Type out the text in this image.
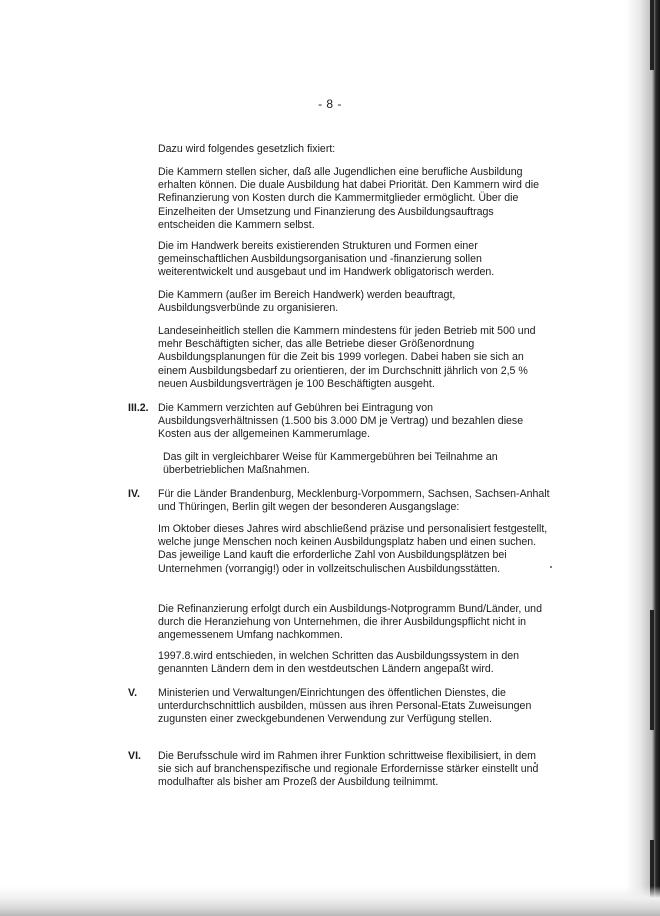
- 8 -

Dazu wird folgendes gesetzlich fixiert:

Die Kammern stellen sicher, daß alle Jugendlichen eine berufliche Ausbildung erhalten können. Die duale Ausbildung hat dabei Priorität. Den Kammern wird die Refinanzierung von Kosten durch die Kammermitglieder ermöglicht. Über die Einzelheiten der Umsetzung und Finanzierung des Ausbildungsauftrags entscheiden die Kammern selbst.

Die im Handwerk bereits existierenden Strukturen und Formen einer gemeinschaftlichen Ausbildungsorganisation und -finanzierung sollen weiterentwickelt und ausgebaut und im Handwerk obligatorisch werden.

Die Kammern (außer im Bereich Handwerk) werden beauftragt, Ausbildungsverbünde zu organisieren.

Landeseinheitlich stellen die Kammern mindestens für jeden Betrieb mit 500 und mehr Beschäftigten sicher, das alle Betriebe dieser Größenordnung Ausbildungsplanungen für die Zeit bis 1999 vorlegen. Dabei haben sie sich an einem Ausbildungsbedarf zu orientieren, der im Durchschnitt jährlich von 2,5 % neuen Ausbildungsverträgen je 100 Beschäftigten ausgeht.

III.2. Die Kammern verzichten auf Gebühren bei Eintragung von Ausbildungsverhältnissen (1.500 bis 3.000 DM je Vertrag) und bezahlen diese Kosten aus der allgemeinen Kammerumlage.

Das gilt in vergleichbarer Weise für Kammergebühren bei Teilnahme an überbetrieblichen Maßnahmen.

IV. Für die Länder Brandenburg, Mecklenburg-Vorpommern, Sachsen, Sachsen-Anhalt und Thüringen, Berlin gilt wegen der besonderen Ausgangslage:

Im Oktober dieses Jahres wird abschließend präzise und personalisiert festgestellt, welche junge Menschen noch keinen Ausbildungsplatz haben und einen suchen. Das jeweilige Land kauft die erforderliche Zahl von Ausbildungsplätzen bei Unternehmen (vorrangig!) oder in vollzeitschulischen Ausbildungsstätten.

Die Refinanzierung erfolgt durch ein Ausbildungs-Notprogramm Bund/Länder, und durch die Heranziehung von Unternehmen, die ihrer Ausbildungspflicht nicht in angemessenem Umfang nachkommen.

1997.8.wird entschieden, in welchen Schritten das Ausbildungssystem in den genannten Ländern dem in den westdeutschen Ländern angepaßt wird.

V. Ministerien und Verwaltungen/Einrichtungen des öffentlichen Dienstes, die unterdurchschnittlich ausbilden, müssen aus ihren Personal-Etats Zuweisungen zugunsten einer zweckgebundenen Verwendung zur Verfügung stellen.

VI. Die Berufsschule wird im Rahmen ihrer Funktion schrittweise flexibilisiert, in dem sie sich auf branchenspezifische und regionale Erfordernisse stärker einstellt und modulhafter als bisher am Prozeß der Ausbildung teilnimmt.
